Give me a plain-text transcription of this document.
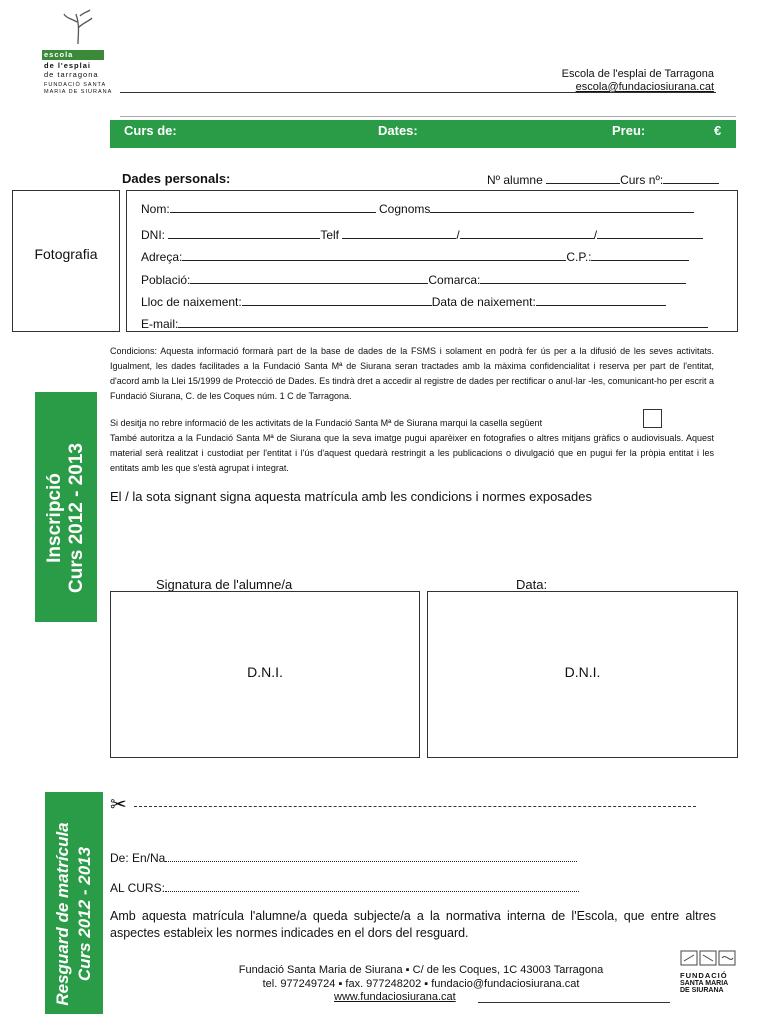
escola
de l'esplai
de tarragona
FUNDACIÓ SANTA
MARIA DE SIURANA
Escola de l'esplai de Tarragona
escola@fundaciosiurana.cat
Curs de:	Dates:	Preu:	€
Dades personals:	Nº alumne	Curs nº:
Fotografia
Nom:	Cognoms
DNI:	Telf	/	/
Adreça:	C.P.:
Població:	Comarca:
Lloc de naixement:	Data de naixement:
E-mail:
Condicions: Aquesta informació formarà part de la base de dades de la FSMS i solament en podrà fer ús per a la difusió de les seves activitats. Igualment, les dades facilitades a la Fundació Santa Mª de Siurana seran tractades amb la màxima confidencialitat i reserva per part de l'entitat, d'acord amb la Llei 15/1999 de Protecció de Dades. Es tindrà dret a accedir al registre de dades per rectificar o anul·lar -les, comunicant-ho per escrit a Fundació Siurana, C. de les Coques núm. 1 C de Tarragona.
Si desitja no rebre informació de les activitats de la Fundació Santa Mª de Siurana marqui la casella següent
També autoritza a la Fundació Santa Mª de Siurana que la seva imatge pugui aparèixer en fotografies o altres mitjans gràfics o audiovisuals. Aquest material serà realitzat i custodiat per l'entitat i l'ús d'aquest quedarà restringit a les publicacions o divulgació que en pugui fer la pròpia entitat i les entitats amb les que s'està agrupat i integrat.
Inscripció Curs 2012 - 2013 El / la sota signant signa aquesta matrícula amb les condicions i normes exposades
Signatura de l'alumne/a	Data:
D.N.I.	D.N.I.
✂
Resguard de matrícula Curs 2012 - 2013 De: En/Na
AL CURS:
Amb aquesta matrícula l'alumne/a queda subjecte/a a la normativa interna de l'Escola, que entre altres aspectes estableix les normes indicades en el dors del resguard.
Fundació Santa Maria de Siurana ▪ C/ de les Coques, 1C 43003 Tarragona
tel. 977249724 ▪ fax. 977248202 ▪ fundacio@fundaciosiurana.cat
www.fundaciosiurana.cat
FUNDACIÓ
SANTA MARIA
DE SIURANA
